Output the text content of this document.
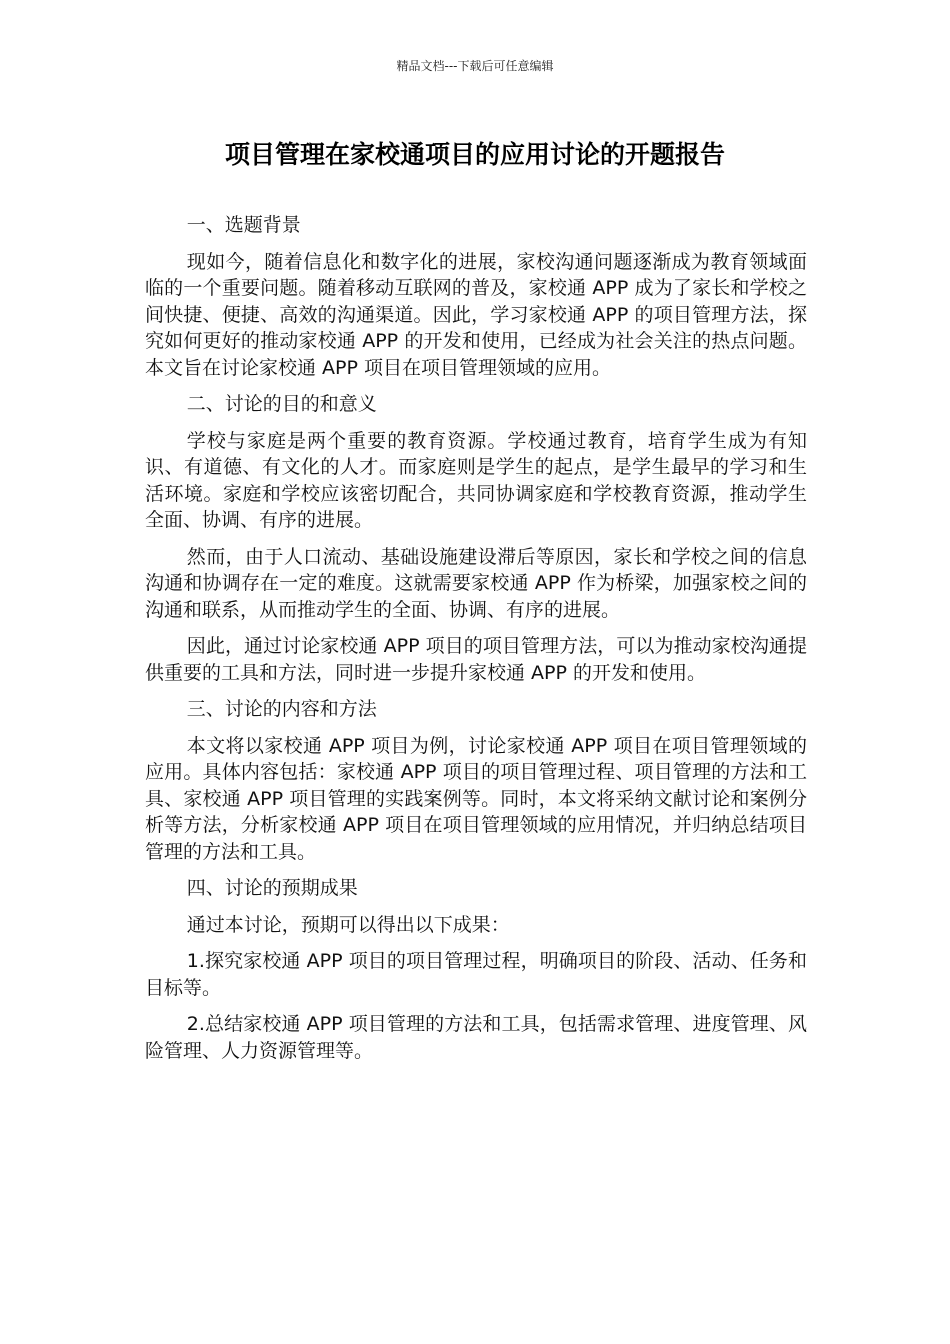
精品文档---下载后可任意编辑
项目管理在家校通项目的应用讨论的开题报告
一、选题背景
现如今，随着信息化和数字化的进展，家校沟通问题逐渐成为教育领域面临的一个重要问题。随着移动互联网的普及，家校通 APP 成为了家长和学校之间快捷、便捷、高效的沟通渠道。因此，学习家校通 APP 的项目管理方法，探究如何更好的推动家校通 APP 的开发和使用，已经成为社会关注的热点问题。本文旨在讨论家校通 APP 项目在项目管理领域的应用。
二、讨论的目的和意义
学校与家庭是两个重要的教育资源。学校通过教育，培育学生成为有知识、有道德、有文化的人才。而家庭则是学生的起点，是学生最早的学习和生活环境。家庭和学校应该密切配合，共同协调家庭和学校教育资源，推动学生全面、协调、有序的进展。
然而，由于人口流动、基础设施建设滞后等原因，家长和学校之间的信息沟通和协调存在一定的难度。这就需要家校通 APP 作为桥梁，加强家校之间的沟通和联系，从而推动学生的全面、协调、有序的进展。
因此，通过讨论家校通 APP 项目的项目管理方法，可以为推动家校沟通提供重要的工具和方法，同时进一步提升家校通 APP 的开发和使用。
三、讨论的内容和方法
本文将以家校通 APP 项目为例，讨论家校通 APP 项目在项目管理领域的应用。具体内容包括：家校通 APP 项目的项目管理过程、项目管理的方法和工具、家校通 APP 项目管理的实践案例等。同时，本文将采纳文献讨论和案例分析等方法，分析家校通 APP 项目在项目管理领域的应用情况，并归纳总结项目管理的方法和工具。
四、讨论的预期成果
通过本讨论，预期可以得出以下成果：
1.探究家校通 APP 项目的项目管理过程，明确项目的阶段、活动、任务和目标等。
2.总结家校通 APP 项目管理的方法和工具，包括需求管理、进度管理、风险管理、人力资源管理等。
